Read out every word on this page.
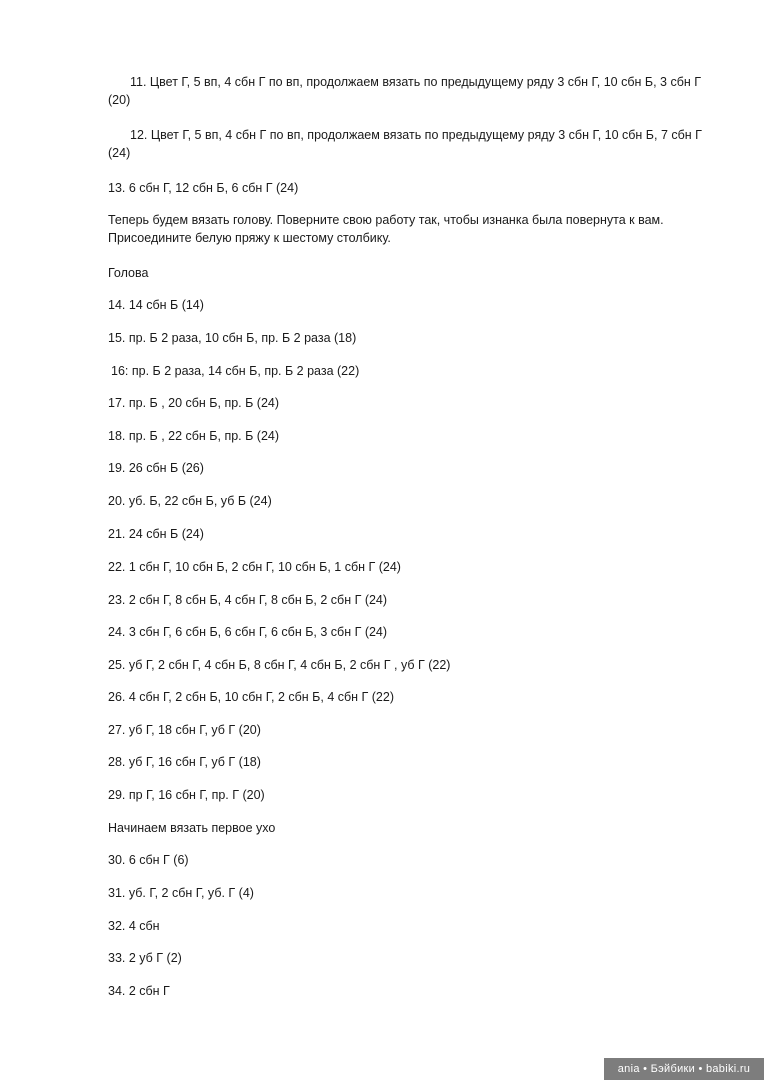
11. Цвет Г, 5 вп, 4 сбн Г по вп, продолжаем вязать по предыдущему ряду 3 сбн Г, 10 сбн Б, 3 сбн Г (20)
12. Цвет Г, 5 вп, 4 сбн Г по вп, продолжаем вязать по предыдущему ряду 3 сбн Г, 10 сбн Б, 7 сбн Г (24)
13. 6 сбн Г, 12 сбн Б, 6 сбн Г (24)
Теперь будем вязать голову. Поверните свою работу так, чтобы изнанка была повернута к вам. Присоедините белую пряжу к шестому столбику.
Голова
14. 14 сбн Б (14)
15. пр. Б 2 раза, 10 сбн Б, пр. Б 2 раза (18)
16: пр. Б 2 раза, 14 сбн Б, пр. Б 2 раза (22)
17. пр. Б , 20 сбн Б, пр. Б (24)
18. пр. Б , 22 сбн Б, пр. Б (24)
19. 26 сбн Б (26)
20. уб. Б, 22 сбн Б, уб Б (24)
21. 24 сбн Б (24)
22. 1 сбн Г, 10 сбн Б, 2 сбн Г, 10 сбн Б, 1 сбн Г (24)
23. 2 сбн Г, 8 сбн Б, 4 сбн Г, 8 сбн Б, 2 сбн Г (24)
24. 3 сбн Г, 6 сбн Б, 6 сбн Г, 6 сбн Б, 3 сбн Г (24)
25. уб Г, 2 сбн Г, 4 сбн Б, 8 сбн Г, 4 сбн Б, 2 сбн Г , уб Г (22)
26. 4 сбн Г, 2 сбн Б, 10 сбн Г, 2 сбн Б, 4 сбн Г (22)
27. уб Г, 18 сбн Г, уб Г (20)
28. уб Г, 16 сбн Г, уб Г (18)
29. пр Г, 16 сбн Г, пр. Г (20)
Начинаем вязать первое ухо
30. 6 сбн Г (6)
31. уб. Г, 2 сбн Г, уб. Г (4)
32. 4 сбн
33. 2 уб Г (2)
34. 2 сбн Г
ania • Бэйбики • babiki.ru
